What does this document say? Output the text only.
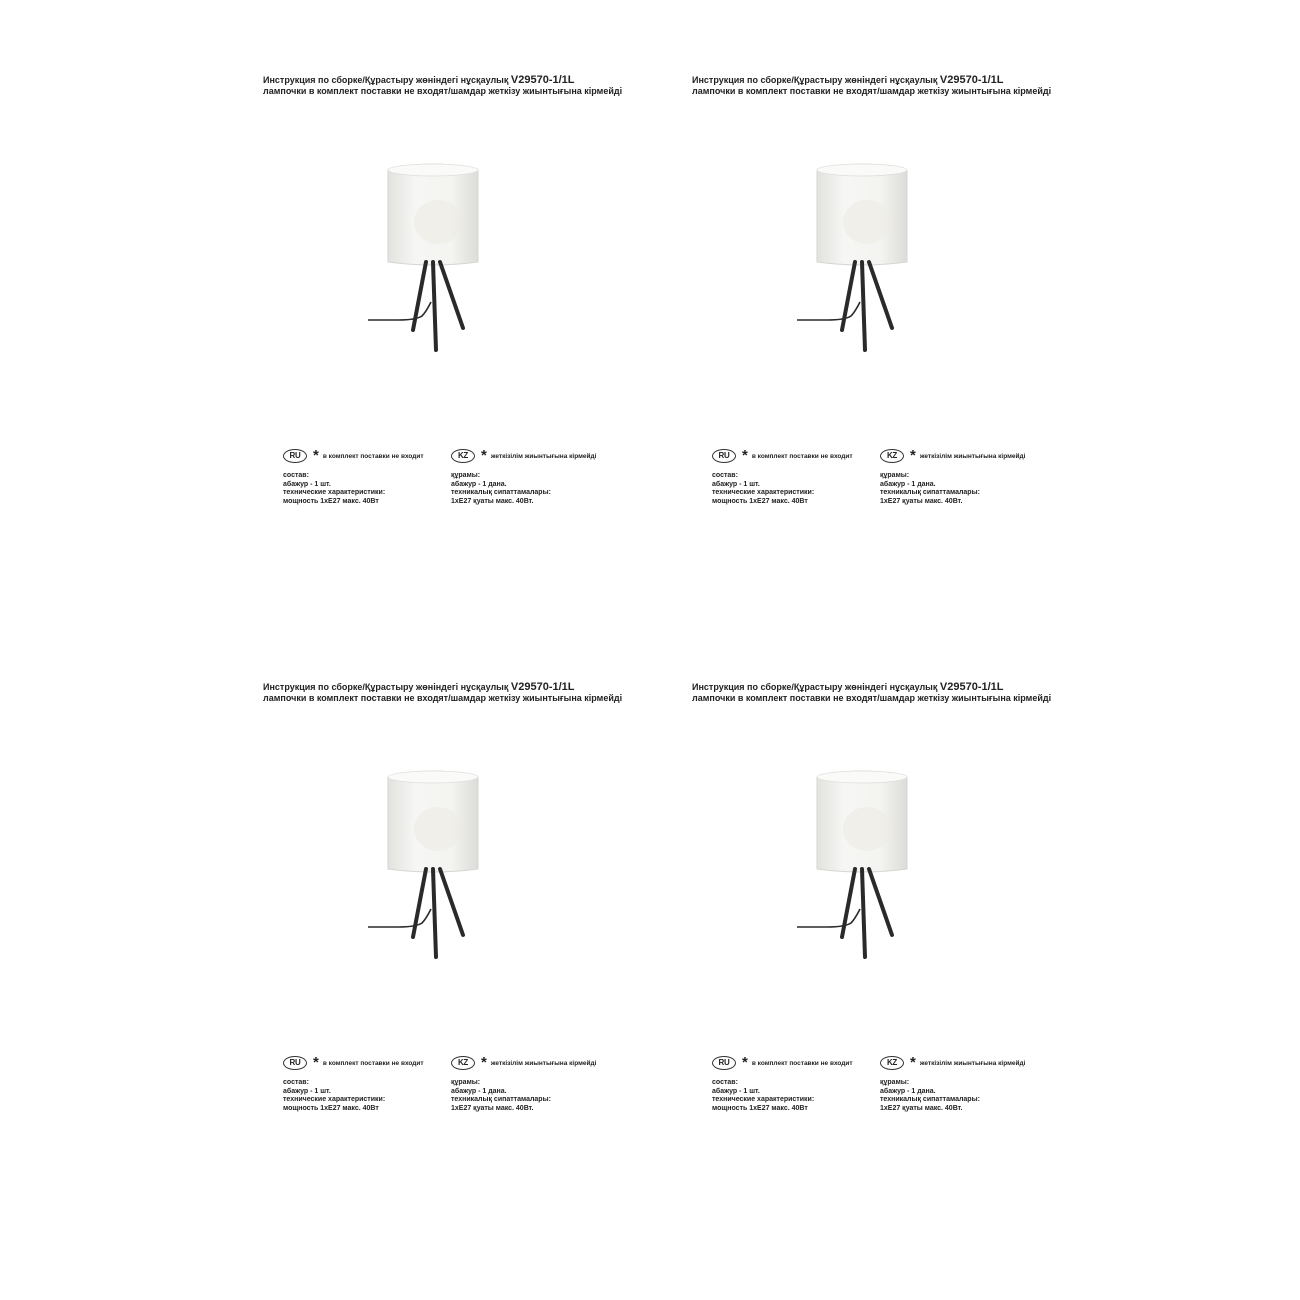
Инструкция по сборке/Құрастыру жөніндегі нұсқаулық V29570-1/1L
лампочки в комплект поставки не входят/шамдар жеткізу жиынтығына кірмейді
RU * в комплект поставки не входит	KZ * жеткізілім жиынтығына кірмейді
состав:
абажур - 1 шт.
технические характеристики:
мощность 1xE27 макс. 40Вт
құрамы:
абажур - 1 дана.
техникалық сипаттамалары:
1xE27 қуаты макс. 40Вт.
Инструкция по сборке/Құрастыру жөніндегі нұсқаулық V29570-1/1L
лампочки в комплект поставки не входят/шамдар жеткізу жиынтығына кірмейді
RU * в комплект поставки не входит	KZ * жеткізілім жиынтығына кірмейді
состав:
абажур - 1 шт.
технические характеристики:
мощность 1xE27 макс. 40Вт
құрамы:
абажур - 1 дана.
техникалық сипаттамалары:
1xE27 қуаты макс. 40Вт.
Инструкция по сборке/Құрастыру жөніндегі нұсқаулық V29570-1/1L
лампочки в комплект поставки не входят/шамдар жеткізу жиынтығына кірмейді
RU * в комплект поставки не входит	KZ * жеткізілім жиынтығына кірмейді
состав:
абажур - 1 шт.
технические характеристики:
мощность 1xE27 макс. 40Вт
құрамы:
абажур - 1 дана.
техникалық сипаттамалары:
1xE27 қуаты макс. 40Вт.
Инструкция по сборке/Құрастыру жөніндегі нұсқаулық V29570-1/1L
лампочки в комплект поставки не входят/шамдар жеткізу жиынтығына кірмейді
RU * в комплект поставки не входит	KZ * жеткізілім жиынтығына кірмейді
состав:
абажур - 1 шт.
технические характеристики:
мощность 1xE27 макс. 40Вт
құрамы:
абажур - 1 дана.
техникалық сипаттамалары:
1xE27 қуаты макс. 40Вт.
